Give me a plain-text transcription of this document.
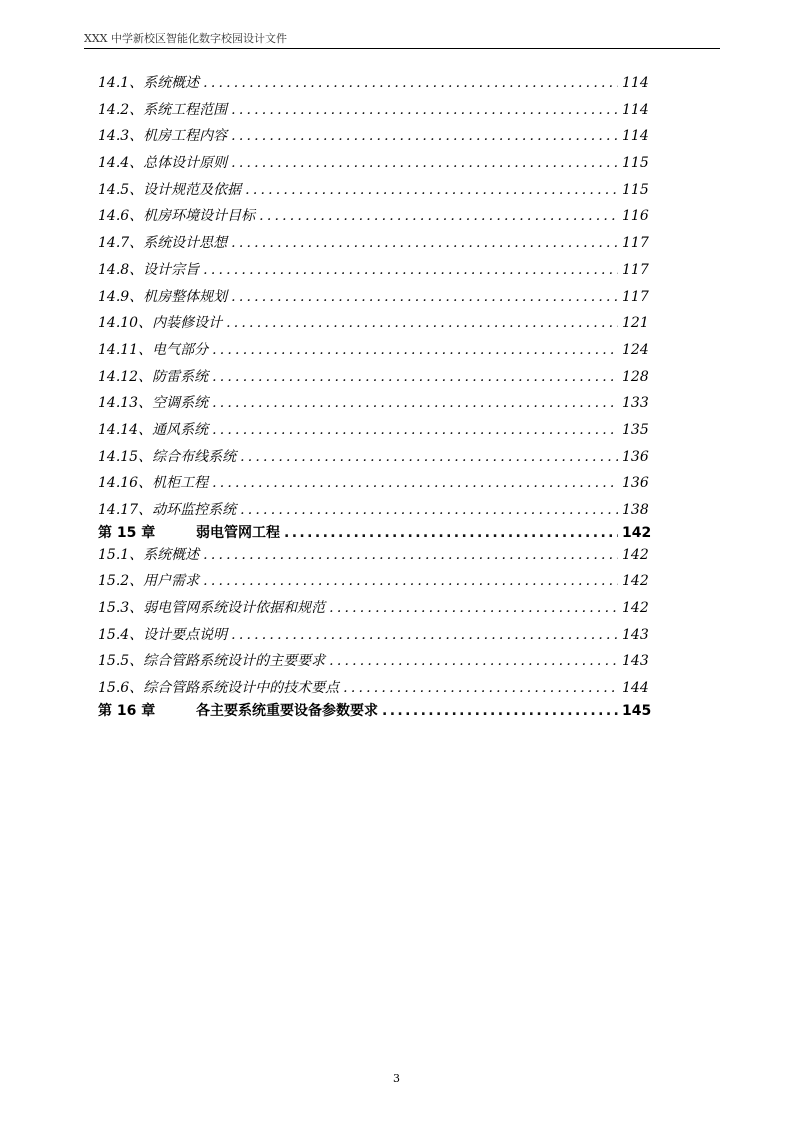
XXX 中学新校区智能化数字校园设计文件
14.1、系统概述 .....	114
14.2、系统工程范围 .....	114
14.3、机房工程内容 .....	114
14.4、总体设计原则 .....	115
14.5、设计规范及依据 .....	115
14.6、机房环境设计目标 .....	116
14.7、系统设计思想 .....	117
14.8、设计宗旨 .....	117
14.9、机房整体规划 .....	117
14.10、内装修设计 .....	121
14.11、电气部分 .....	124
14.12、防雷系统 .....	128
14.13、空调系统 .....	133
14.14、通风系统 .....	135
14.15、综合布线系统 .....	136
14.16、机柜工程 .....	136
14.17、动环监控系统 .....	138
第 15 章	弱电管网工程 .....	142
15.1、系统概述 .....	142
15.2、用户需求 .....	142
15.3、弱电管网系统设计依据和规范 .....	142
15.4、设计要点说明 .....	143
15.5、综合管路系统设计的主要要求 .....	143
15.6、综合管路系统设计中的技术要点 .....	144
第 16 章	各主要系统重要设备参数要求 .....	145
3
